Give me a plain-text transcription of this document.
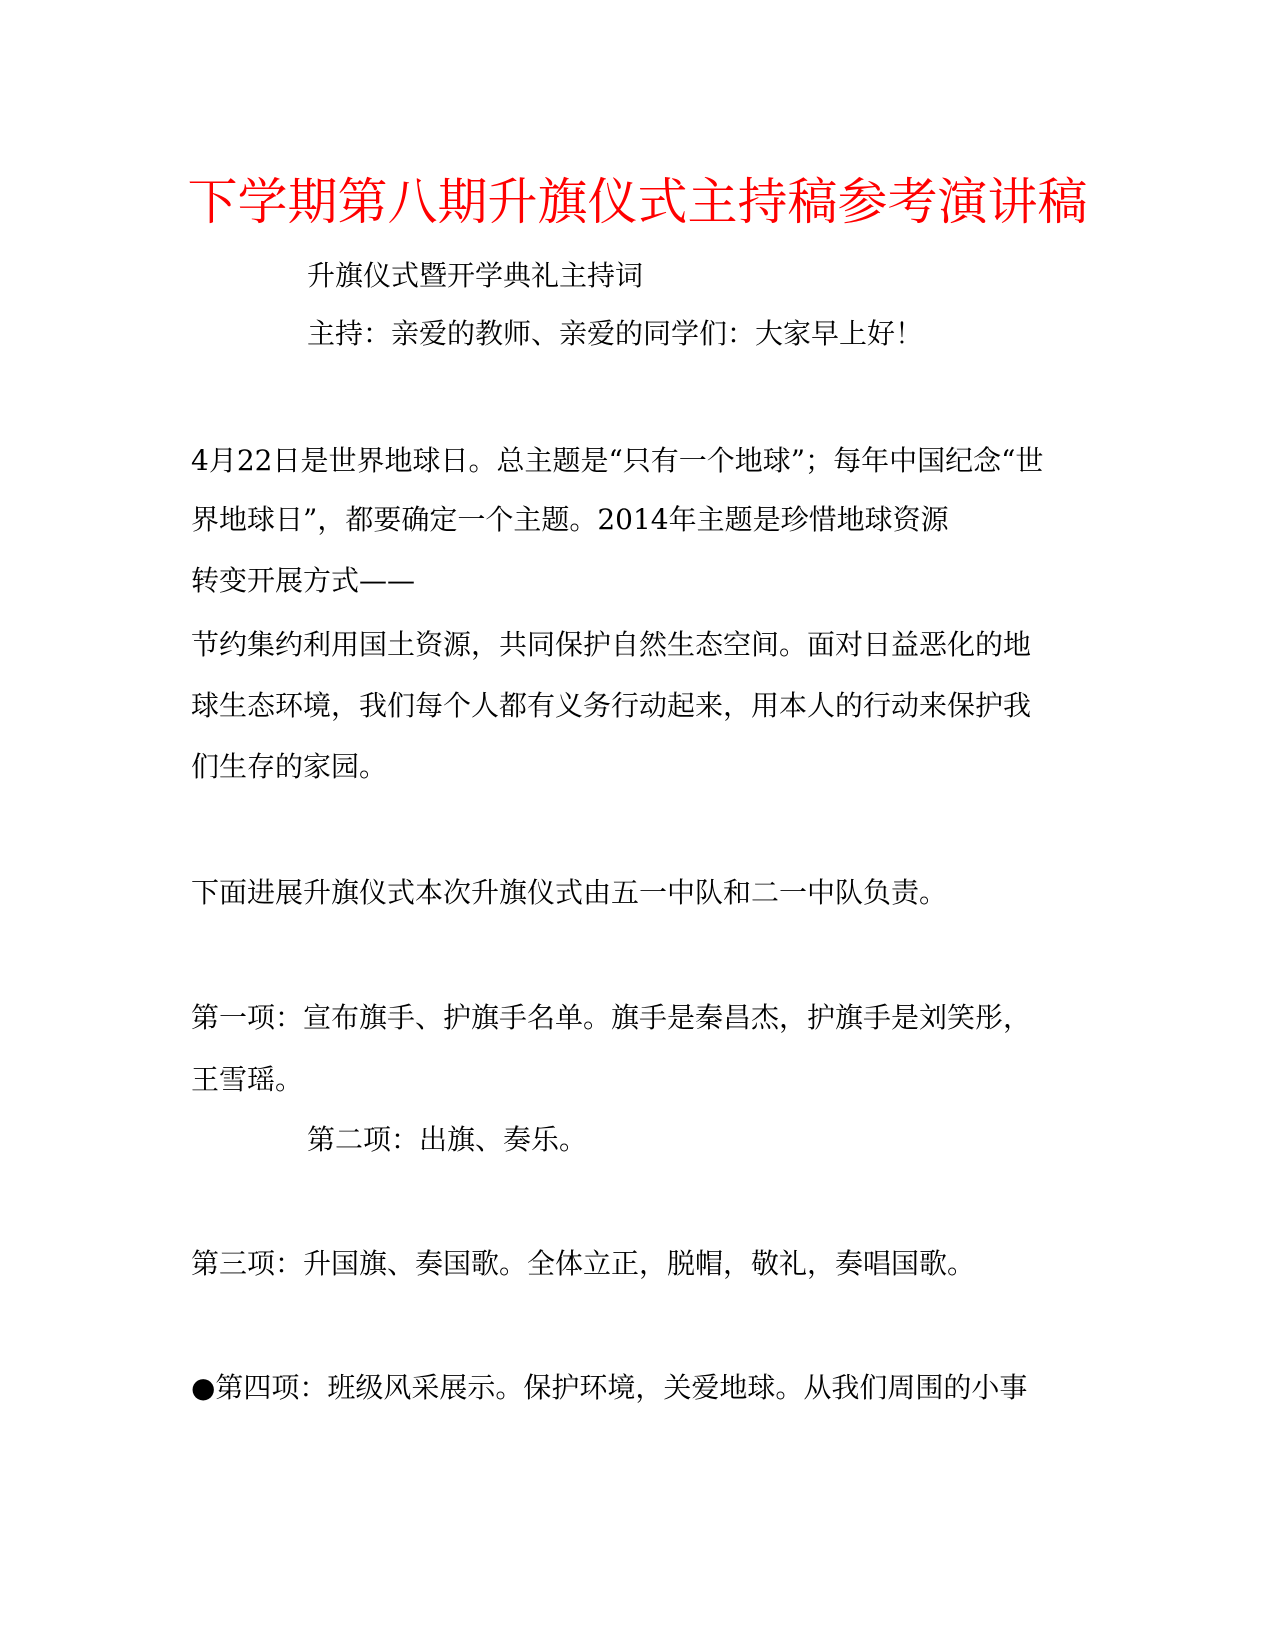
下学期第八期升旗仪式主持稿参考演讲稿
升旗仪式暨开学典礼主持词
主持：亲爱的教师、亲爱的同学们：大家早上好！
4月22日是世界地球日。总主题是“只有一个地球”；每年中国纪念“世
界地球日”，都要确定一个主题。2014年主题是珍惜地球资源
转变开展方式——
节约集约利用国土资源，共同保护自然生态空间。面对日益恶化的地
球生态环境，我们每个人都有义务行动起来，用本人的行动来保护我
们生存的家园。
下面进展升旗仪式本次升旗仪式由五一中队和二一中队负责。
第一项：宣布旗手、护旗手名单。旗手是秦昌杰，护旗手是刘笑彤，
王雪瑶。
第二项：出旗、奏乐。
第三项：升国旗、奏国歌。全体立正，脱帽，敬礼，奏唱国歌。
●第四项：班级风采展示。保护环境，关爱地球。从我们周围的小事
